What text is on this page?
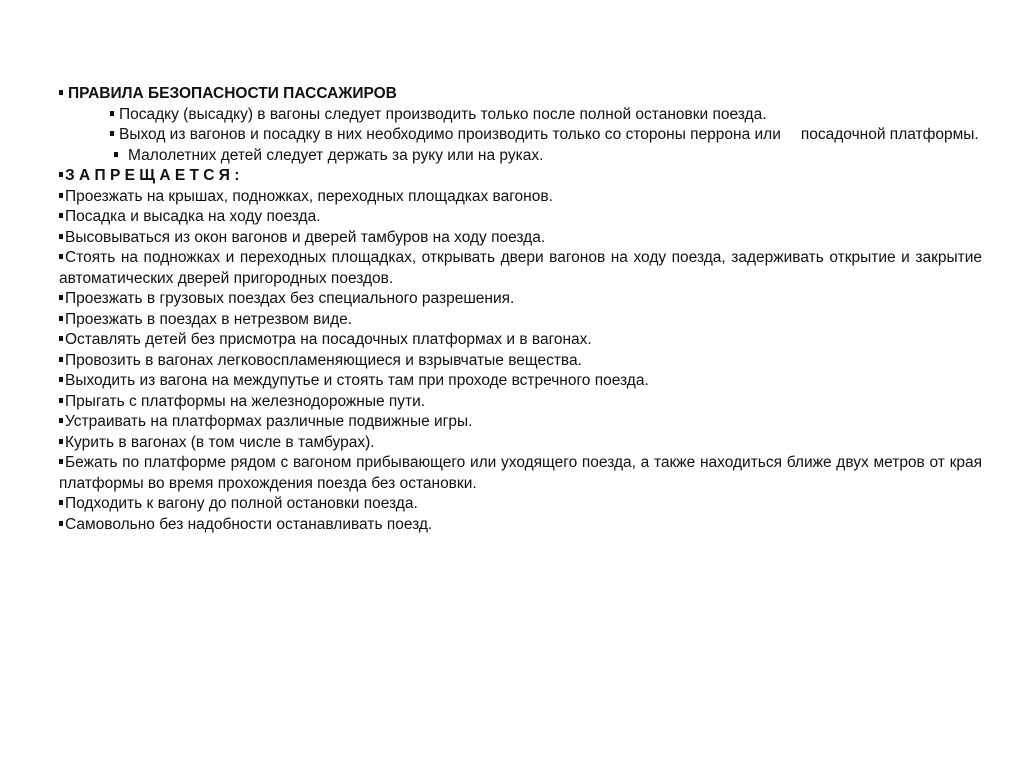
ПРАВИЛА БЕЗОПАСНОСТИ ПАССАЖИРОВ
Посадку (высадку) в вагоны следует производить только после полной остановки поезда.
Выход из вагонов и посадку в них необходимо производить только со стороны перрона или посадочной платформы.
Малолетних детей следует держать за руку или на руках.
З А П Р Е Щ А Е Т С Я :
Проезжать на крышах, подножках, переходных площадках вагонов.
Посадка и высадка на ходу поезда.
Высовываться из окон вагонов и дверей тамбуров на ходу поезда.
Стоять на подножках и переходных площадках, открывать двери вагонов на ходу поезда, задерживать открытие и закрытие автоматических дверей пригородных поездов.
Проезжать в грузовых поездах без специального разрешения.
Проезжать в поездах в нетрезвом виде.
Оставлять детей без присмотра на посадочных платформах и в вагонах.
Провозить в вагонах легковоспламеняющиеся и взрывчатые вещества.
Выходить из вагона на междупутье и стоять там при проходе встречного поезда.
Прыгать с платформы на железнодорожные пути.
Устраивать на платформах различные подвижные игры.
Курить в вагонах (в том числе в тамбурах).
Бежать по платформе рядом с вагоном прибывающего или уходящего поезда, а также находиться ближе двух метров от края платформы во время прохождения поезда без остановки.
Подходить к вагону до полной остановки поезда.
Самовольно без надобности останавливать поезд.
